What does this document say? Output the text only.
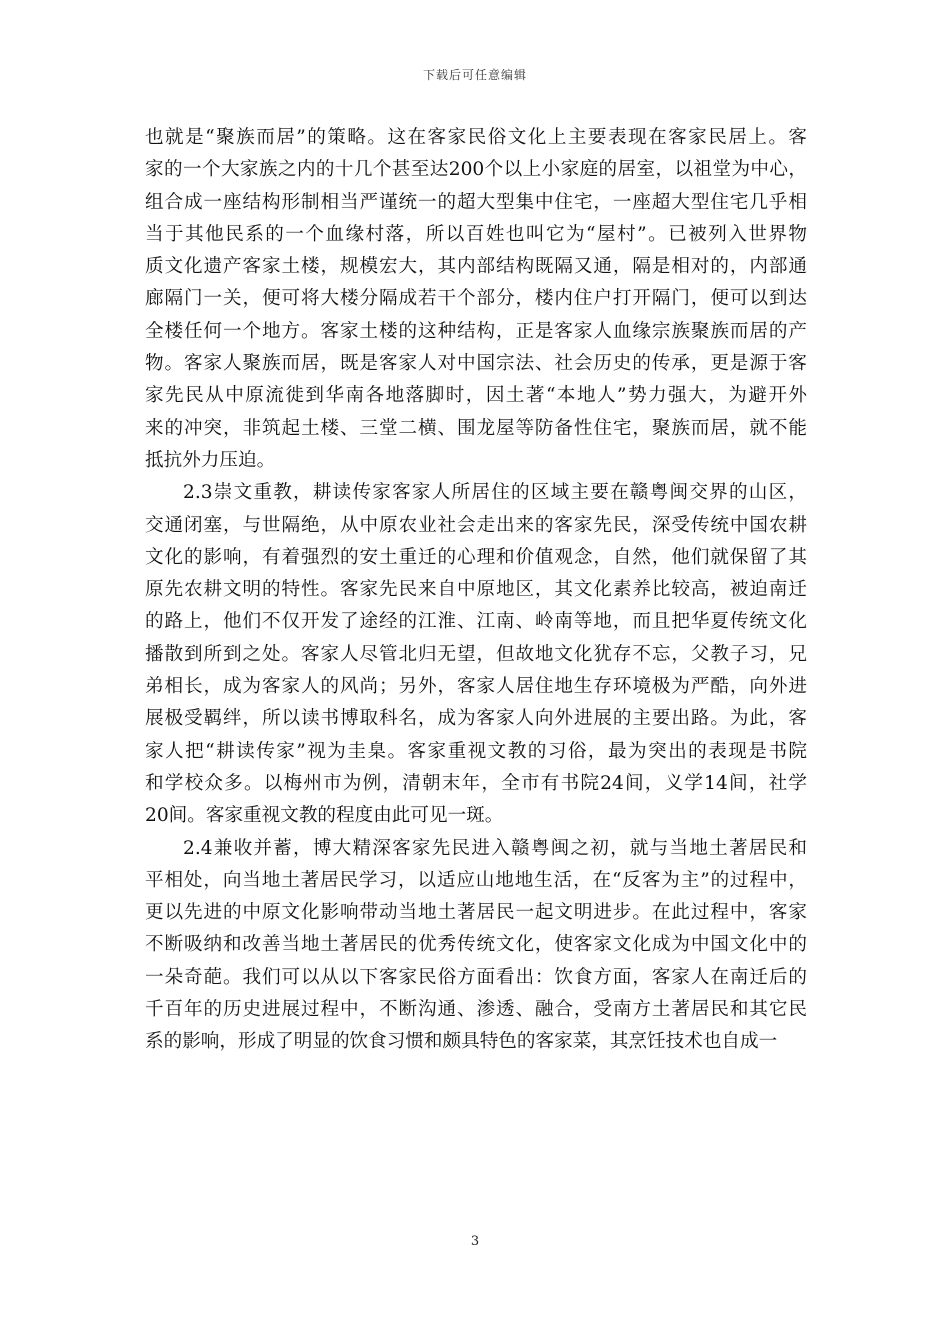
下载后可任意编辑
也就是“聚族而居”的策略。这在客家民俗文化上主要表现在客家民居上。客
家的一个大家族之内的十几个甚至达200个以上小家庭的居室，以祖堂为中心，
组合成一座结构形制相当严谨统一的超大型集中住宅，一座超大型住宅几乎相
当于其他民系的一个血缘村落，所以百姓也叫它为“屋村”。已被列入世界物
质文化遗产客家土楼，规模宏大，其内部结构既隔又通，隔是相对的，内部通
廊隔门一关，便可将大楼分隔成若干个部分，楼内住户打开隔门，便可以到达
全楼任何一个地方。客家土楼的这种结构，正是客家人血缘宗族聚族而居的产
物。客家人聚族而居，既是客家人对中国宗法、社会历史的传承，更是源于客
家先民从中原流徙到华南各地落脚时，因土著“本地人”势力强大，为避开外
来的冲突，非筑起土楼、三堂二横、围龙屋等防备性住宅，聚族而居，就不能
抵抗外力压迫。
2.3崇文重教，耕读传家客家人所居住的区域主要在赣粤闽交界的山区，
交通闭塞，与世隔绝，从中原农业社会走出来的客家先民，深受传统中国农耕
文化的影响，有着强烈的安土重迁的心理和价值观念，自然，他们就保留了其
原先农耕文明的特性。客家先民来自中原地区，其文化素养比较高，被迫南迁
的路上，他们不仅开发了途经的江淮、江南、岭南等地，而且把华夏传统文化
播散到所到之处。客家人尽管北归无望，但故地文化犹存不忘，父教子习，兄
弟相长，成为客家人的风尚；另外，客家人居住地生存环境极为严酷，向外进
展极受羁绊，所以读书博取科名，成为客家人向外进展的主要出路。为此，客
家人把“耕读传家”视为圭臬。客家重视文教的习俗，最为突出的表现是书院
和学校众多。以梅州市为例，清朝末年，全市有书院24间，义学14间，社学
20间。客家重视文教的程度由此可见一斑。
2.4兼收并蓄，博大精深客家先民进入赣粤闽之初，就与当地土著居民和
平相处，向当地土著居民学习，以适应山地地生活，在“反客为主”的过程中，
更以先进的中原文化影响带动当地土著居民一起文明进步。在此过程中，客家
不断吸纳和改善当地土著居民的优秀传统文化，使客家文化成为中国文化中的
一朵奇葩。我们可以从以下客家民俗方面看出：饮食方面，客家人在南迁后的
千百年的历史进展过程中，不断沟通、渗透、融合，受南方土著居民和其它民
系的影响，形成了明显的饮食习惯和颇具特色的客家菜，其烹饪技术也自成一
3
